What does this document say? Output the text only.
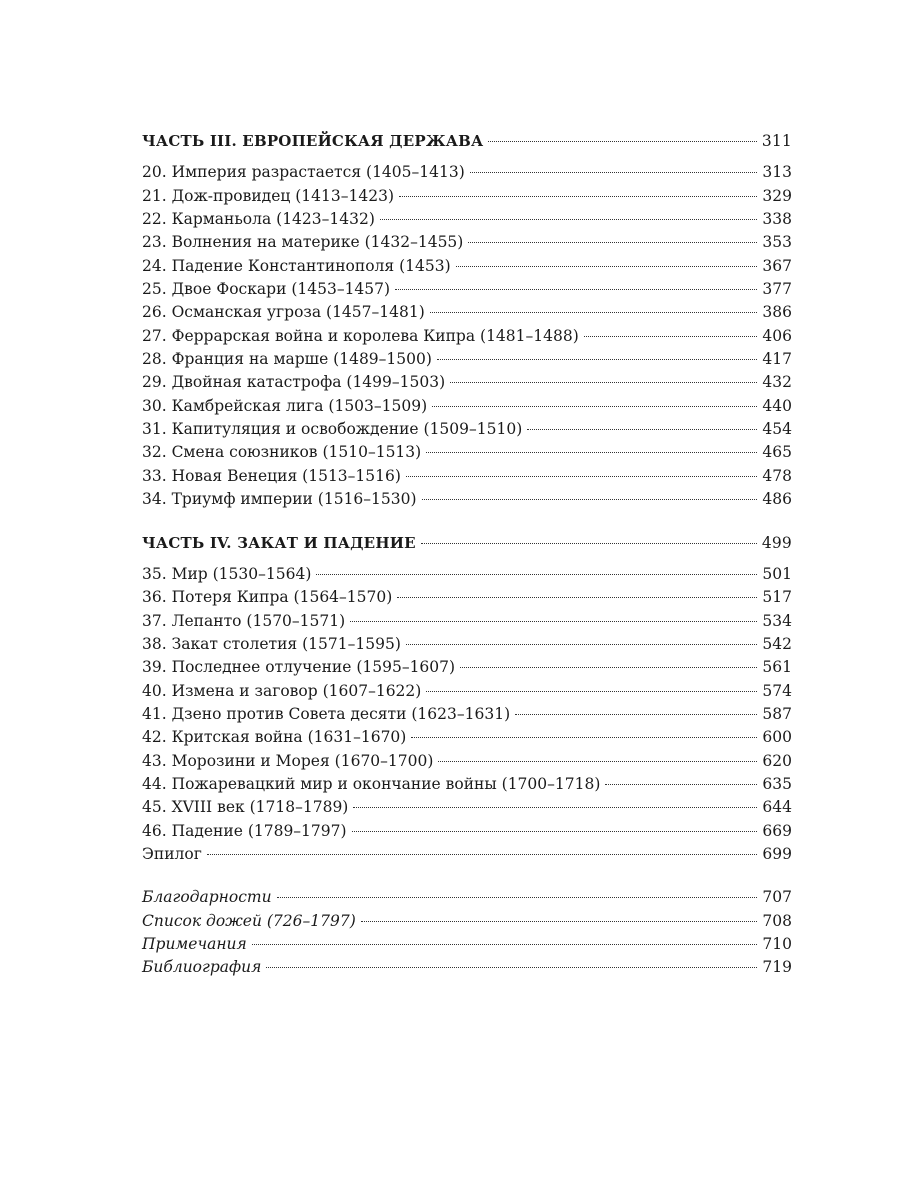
ЧАСТЬ III. ЕВРОПЕЙСКАЯ ДЕРЖАВА	311
20. Империя разрастается (1405–1413)	313
21. Дож-провидец (1413–1423)	329
22. Карманьола (1423–1432)	338
23. Волнения на материке (1432–1455)	353
24. Падение Константинополя (1453)	367
25. Двое Фоскари (1453–1457)	377
26. Османская угроза (1457–1481)	386
27. Феррарская война и королева Кипра (1481–1488)	406
28. Франция на марше (1489–1500)	417
29. Двойная катастрофа (1499–1503)	432
30. Камбрейская лига (1503–1509)	440
31. Капитуляция и освобождение (1509–1510)	454
32. Смена союзников (1510–1513)	465
33. Новая Венеция (1513–1516)	478
34. Триумф империи (1516–1530)	486
ЧАСТЬ IV. ЗАКАТ И ПАДЕНИЕ	499
35. Мир (1530–1564)	501
36. Потеря Кипра (1564–1570)	517
37. Лепанто (1570–1571)	534
38. Закат столетия (1571–1595)	542
39. Последнее отлучение (1595–1607)	561
40. Измена и заговор (1607–1622)	574
41. Дзено против Совета десяти (1623–1631)	587
42. Критская война (1631–1670)	600
43. Морозини и Морея (1670–1700)	620
44. Пожаревацкий мир и окончание войны (1700–1718)	635
45. XVIII век (1718–1789)	644
46. Падение (1789–1797)	669
Эпилог	699
Благодарности	707
Список дожей (726–1797)	708
Примечания	710
Библиография	719
